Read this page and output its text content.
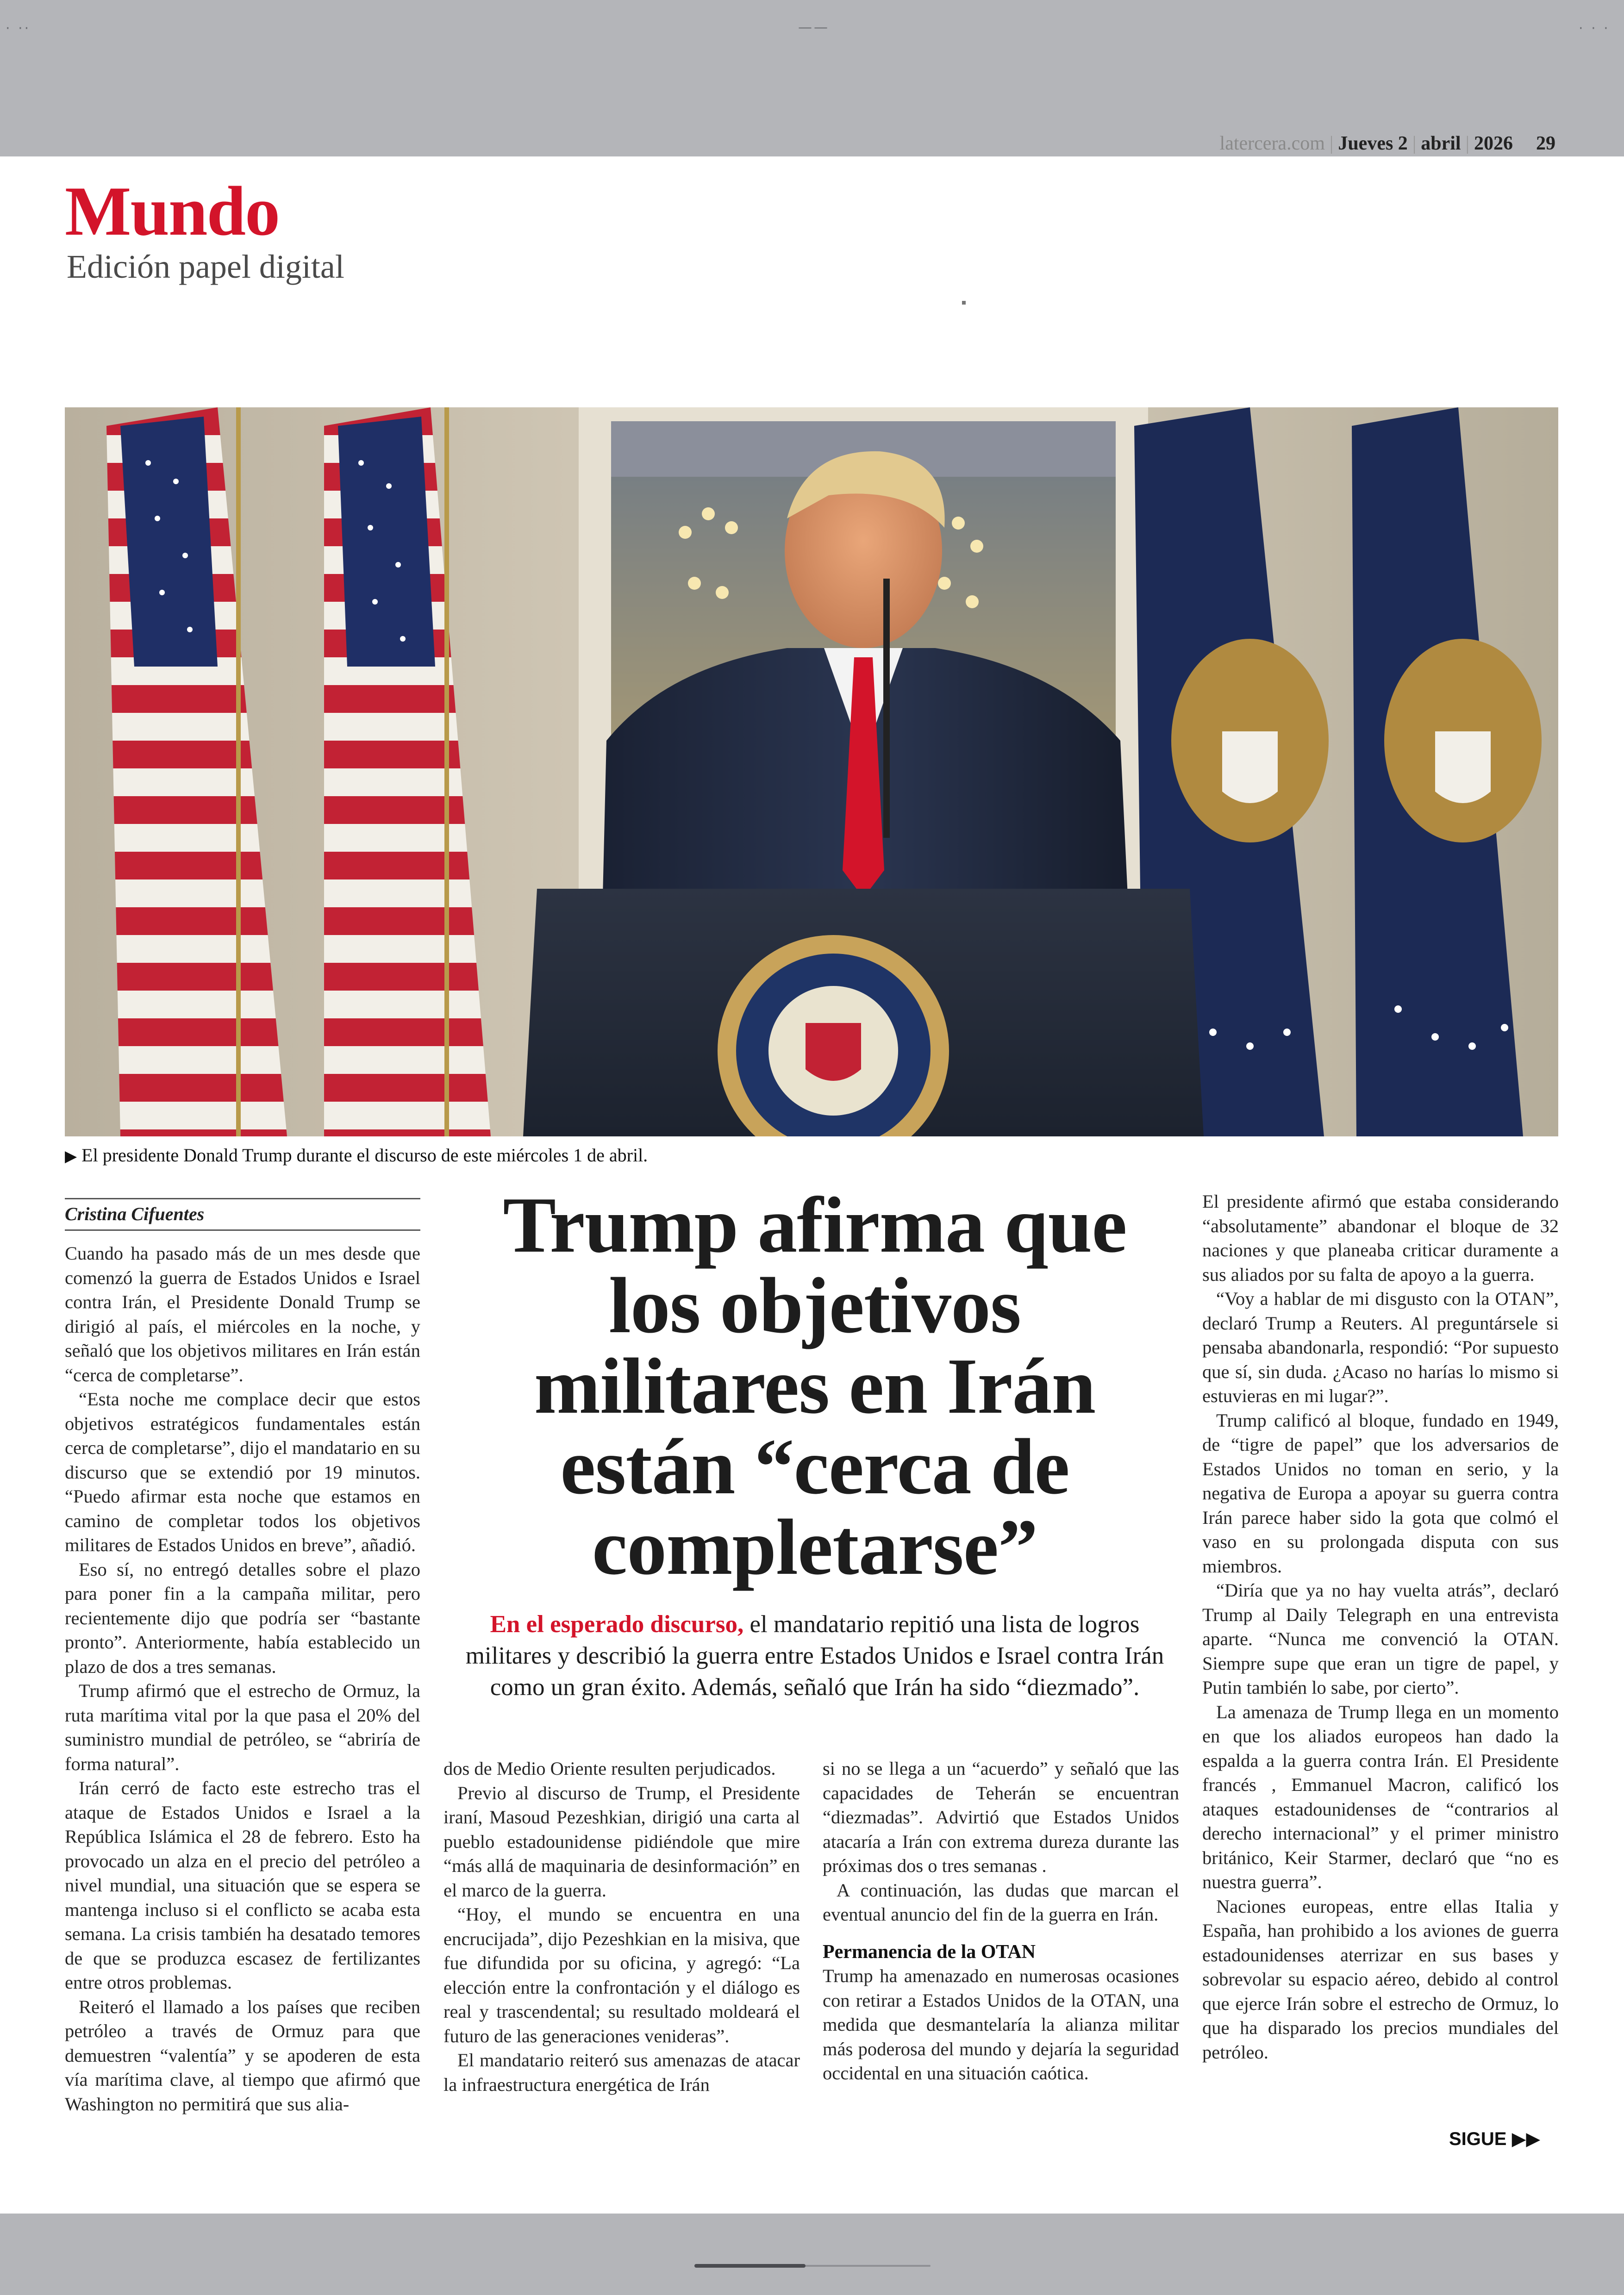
· ··	——	· · ·
latercera.com | Jueves 2 | abril | 2026 29
Mundo
Edición papel digital
▶ El presidente Donald Trump durante el discurso de este miércoles 1 de abril.
Cristina Cifuentes

Cuando ha pasado más de un mes desde que comenzó la guerra de Estados Unidos e Israel contra Irán, el Presidente Donald Trump se dirigió al país, el miércoles en la noche, y señaló que los objetivos militares en Irán están “cerca de completarse”.

“Esta noche me complace decir que estos objetivos estratégicos fundamentales están cerca de completarse”, dijo el mandatario en su discurso que se extendió por 19 minutos. “Puedo afirmar esta noche que estamos en camino de completar todos los objetivos militares de Estados Unidos en breve”, añadió.

Eso sí, no entregó detalles sobre el plazo para poner fin a la campaña militar, pero recientemente dijo que podría ser “bastante pronto”. Anteriormente, había establecido un plazo de dos a tres semanas.

Trump afirmó que el estrecho de Ormuz, la ruta marítima vital por la que pasa el 20% del suministro mundial de petróleo, se “abriría de forma natural”.

Irán cerró de facto este estrecho tras el ataque de Estados Unidos e Israel a la República Islámica el 28 de febrero. Esto ha provocado un alza en el precio del petróleo a nivel mundial, una situación que se espera se mantenga incluso si el conflicto se acaba esta semana. La crisis también ha desatado temores de que se produzca escasez de fertilizantes entre otros problemas.

Reiteró el llamado a los países que reciben petróleo a través de Ormuz para que demuestren “valentía” y se apoderen de esta vía marítima clave, al tiempo que afirmó que Washington no permitirá que sus alia-

Trump afirma que los objetivos militares en Irán están “cerca de completarse”
En el esperado discurso, el mandatario repitió una lista de logros militares y describió la guerra entre Estados Unidos e Israel contra Irán como un gran éxito. Además, señaló que Irán ha sido “diezmado”.

dos de Medio Oriente resulten perjudicados.

Previo al discurso de Trump, el Presidente iraní, Masoud Pezeshkian, dirigió una carta al pueblo estadounidense pidiéndole que mire “más allá de maquinaria de desinformación” en el marco de la guerra.

“Hoy, el mundo se encuentra en una encrucijada”, dijo Pezeshkian en la misiva, que fue difundida por su oficina, y agregó: “La elección entre la confrontación y el diálogo es real y trascendental; su resultado moldeará el futuro de las generaciones venideras”.

El mandatario reiteró sus amenazas de atacar la infraestructura energética de Irán

si no se llega a un “acuerdo” y señaló que las capacidades de Teherán se encuentran “diezmadas”. Advirtió que Estados Unidos atacaría a Irán con extrema dureza durante las próximas dos o tres semanas .

A continuación, las dudas que marcan el eventual anuncio del fin de la guerra en Irán.

Permanencia de la OTAN

Trump ha amenazado en numerosas ocasiones con retirar a Estados Unidos de la OTAN, una medida que desmantelaría la alianza militar más poderosa del mundo y dejaría la seguridad occidental en una situación caótica.

El presidente afirmó que estaba considerando “absolutamente” abandonar el bloque de 32 naciones y que planeaba criticar duramente a sus aliados por su falta de apoyo a la guerra.

“Voy a hablar de mi disgusto con la OTAN”, declaró Trump a Reuters. Al preguntársele si pensaba abandonarla, respondió: “Por supuesto que sí, sin duda. ¿Acaso no harías lo mismo si estuvieras en mi lugar?”.

Trump calificó al bloque, fundado en 1949, de “tigre de papel” que los adversarios de Estados Unidos no toman en serio, y la negativa de Europa a apoyar su guerra contra Irán parece haber sido la gota que colmó el vaso en su prolongada disputa con sus miembros.

“Diría que ya no hay vuelta atrás”, declaró Trump al Daily Telegraph en una entrevista aparte. “Nunca me convenció la OTAN. Siempre supe que eran un tigre de papel, y Putin también lo sabe, por cierto”.

La amenaza de Trump llega en un momento en que los aliados europeos han dado la espalda a la guerra contra Irán. El Presidente francés , Emmanuel Macron, calificó los ataques estadounidenses de “contrarios al derecho internacional” y el primer ministro británico, Keir Starmer, declaró que “no es nuestra guerra”.

Naciones europeas, entre ellas Italia y España, han prohibido a los aviones de guerra estadounidenses aterrizar en sus bases y sobrevolar su espacio aéreo, debido al control que ejerce Irán sobre el estrecho de Ormuz, lo que ha disparado los precios mundiales del petróleo.

SIGUE ▶▶
